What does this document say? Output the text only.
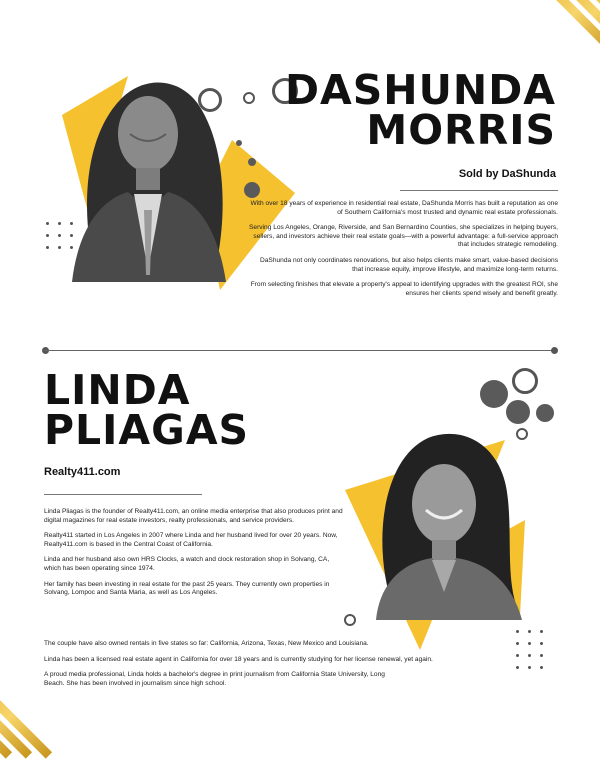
DASHUNDA
MORRIS
Sold by DaShunda

With over 18 years of experience in residential real estate, DaShunda Morris has built a reputation as one of Southern California's most trusted and dynamic real estate professionals.

Serving Los Angeles, Orange, Riverside, and San Bernardino Counties, she specializes in helping buyers, sellers, and investors achieve their real estate goals—with a powerful advantage: a full-service approach that includes strategic remodeling.

DaShunda not only coordinates renovations, but also helps clients make smart, value-based decisions that increase equity, improve lifestyle, and maximize long-term returns.

From selecting finishes that elevate a property's appeal to identifying upgrades with the greatest ROI, she ensures her clients spend wisely and benefit greatly.

LINDA
PLIAGAS
Realty411.com

Linda Pliagas is the founder of Realty411.com, an online media enterprise that also produces print and digital magazines for real estate investors, realty professionals, and service providers.

Realty411 started in Los Angeles in 2007 where Linda and her husband lived for over 20 years. Now, Realty411.com is based in the Central Coast of California.

Linda and her husband also own HRS Clocks, a watch and clock restoration shop in Solvang, CA, which has been operating since 1974.

Her family has been investing in real estate for the past 25 years. They currently own properties in Solvang, Lompoc and Santa Maria, as well as Los Angeles.

The couple have also owned rentals in five states so far: California, Arizona, Texas, New Mexico and Louisiana.

Linda has been a licensed real estate agent in California for over 18 years and is currently studying for her license renewal, yet again.

A proud media professional, Linda holds a bachelor's degree in print journalism from California State University, Long Beach. She has been involved in journalism since high school.
